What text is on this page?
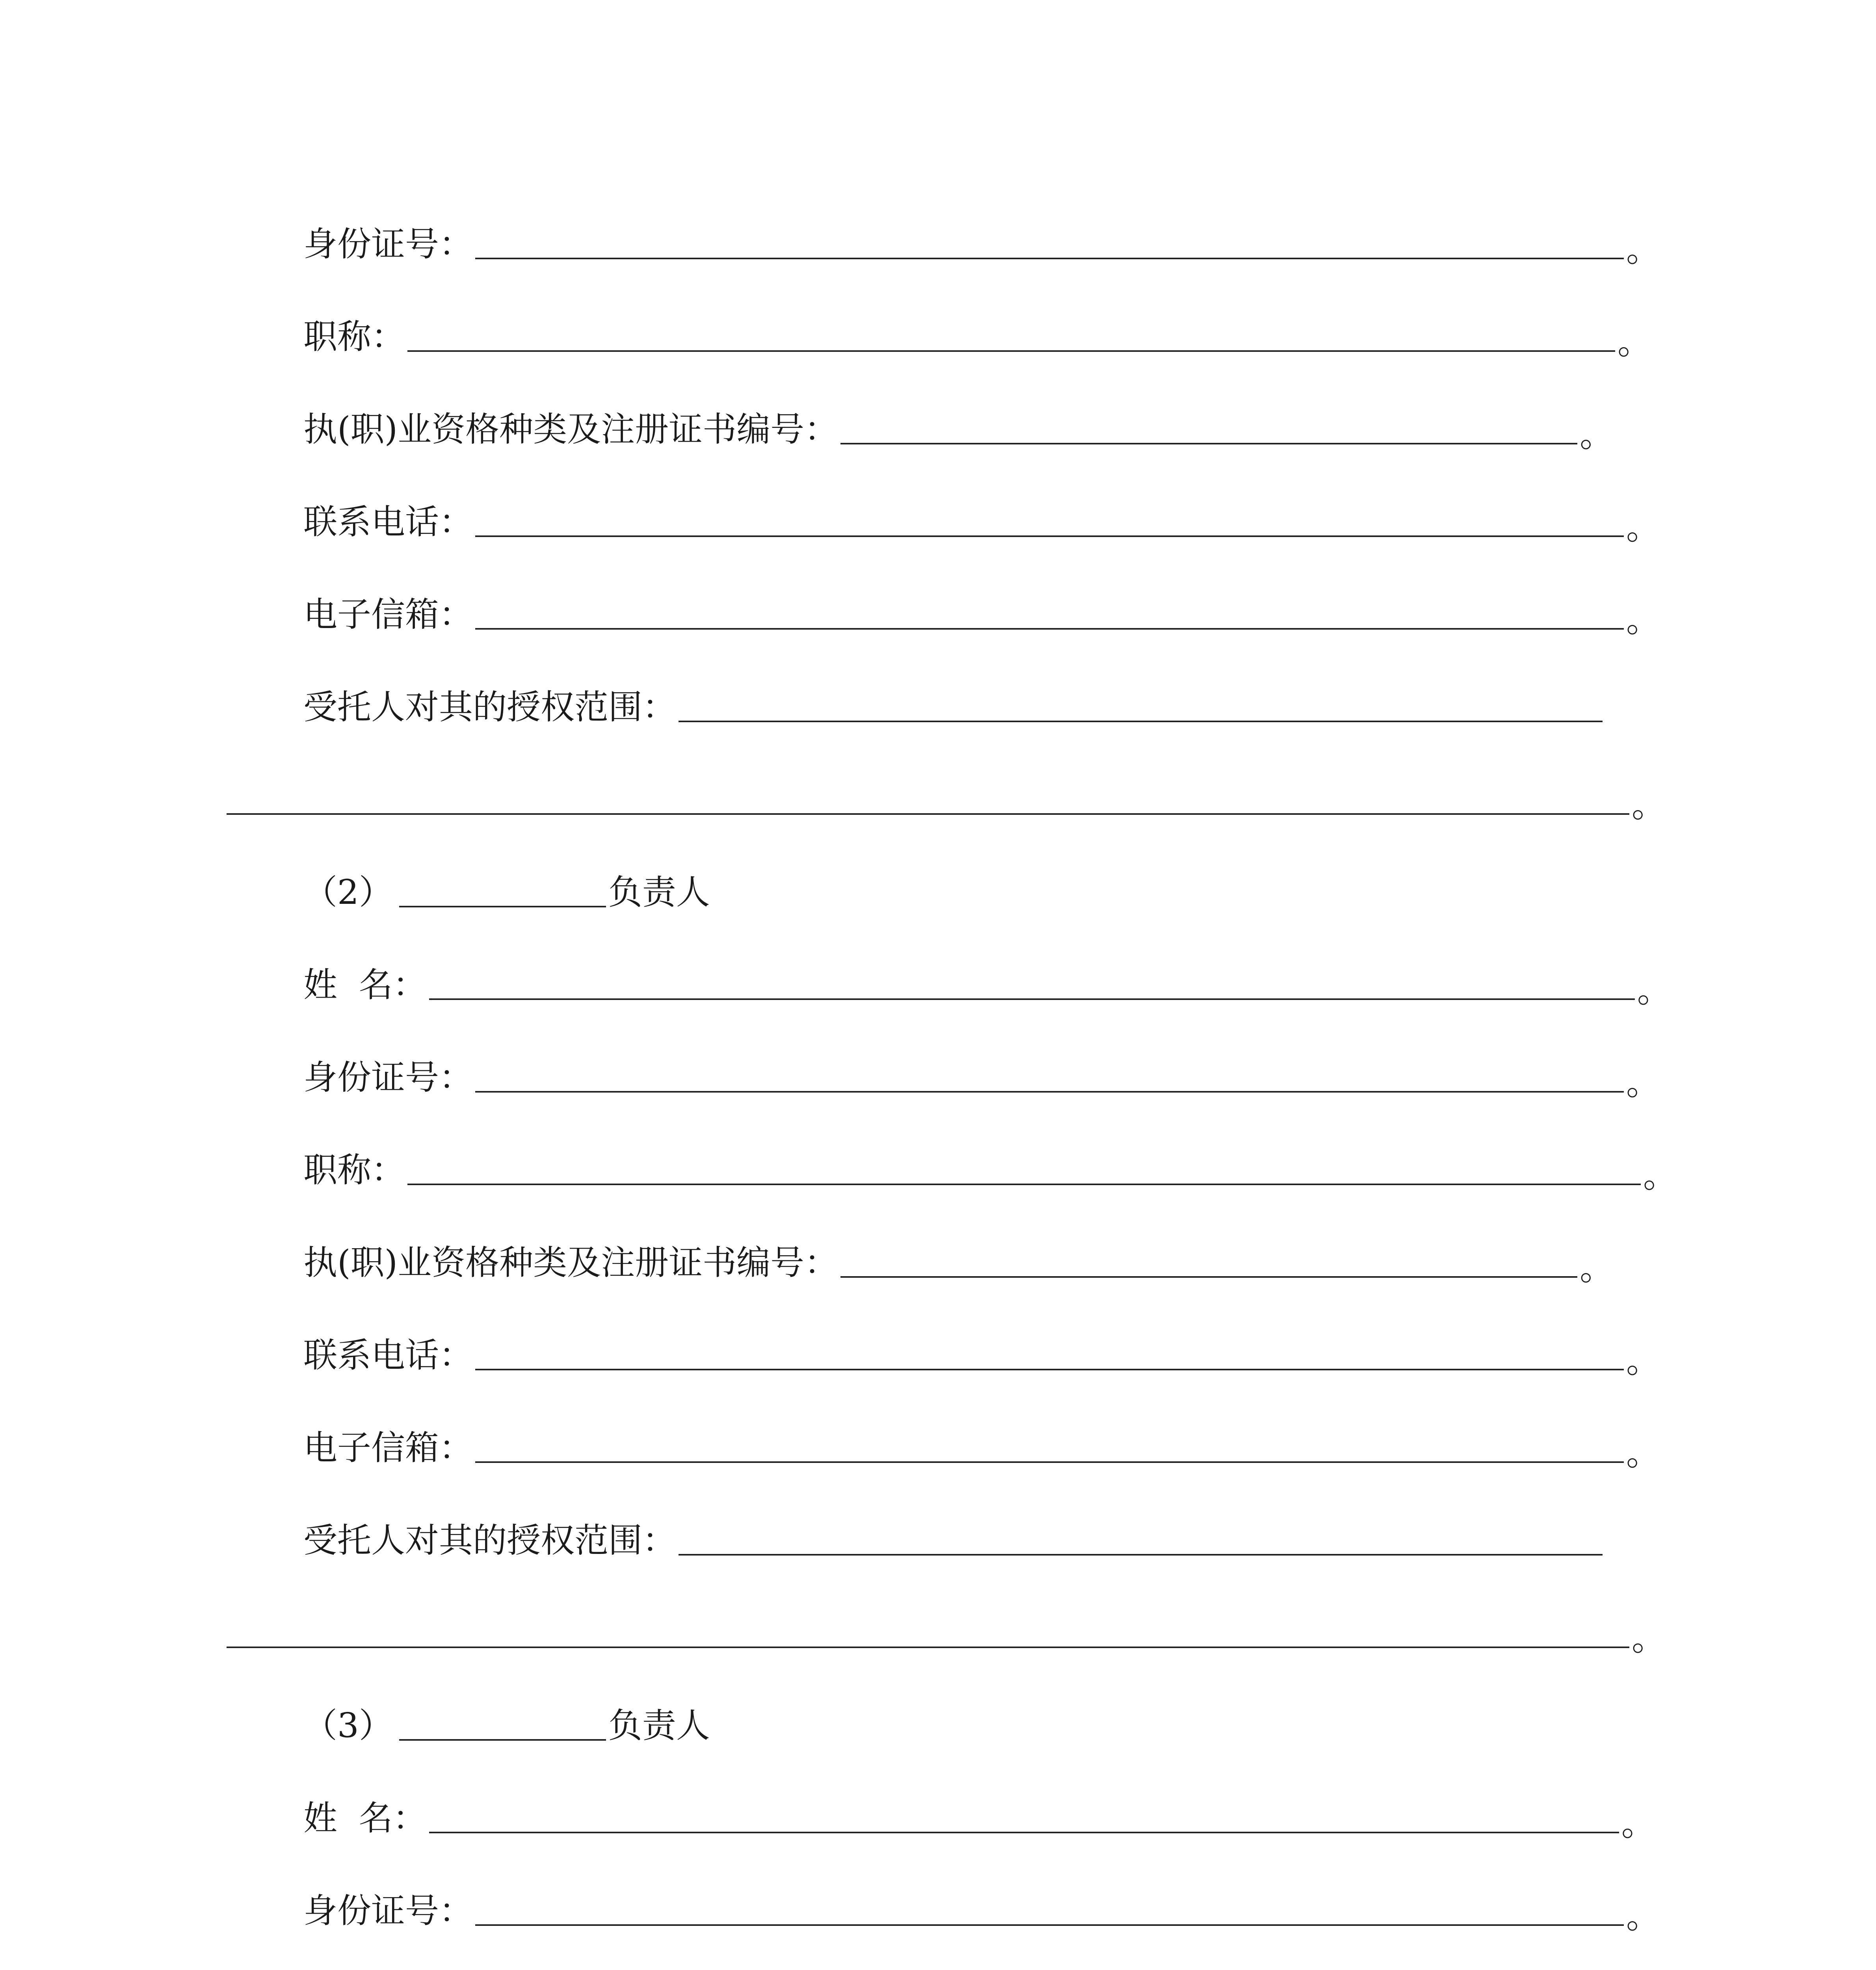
身份证号：	。
职称：	。
执(职)业资格种类及注册证书编号：	。
联系电话：	。
电子信箱：	。
受托人对其的授权范围：
。
（2）	负责人
姓  名：	。
身份证号：	。
职称：	。
执(职)业资格种类及注册证书编号：	。
联系电话：	。
电子信箱：	。
受托人对其的授权范围：
。
（3）	负责人
姓  名：	。
身份证号：	。
